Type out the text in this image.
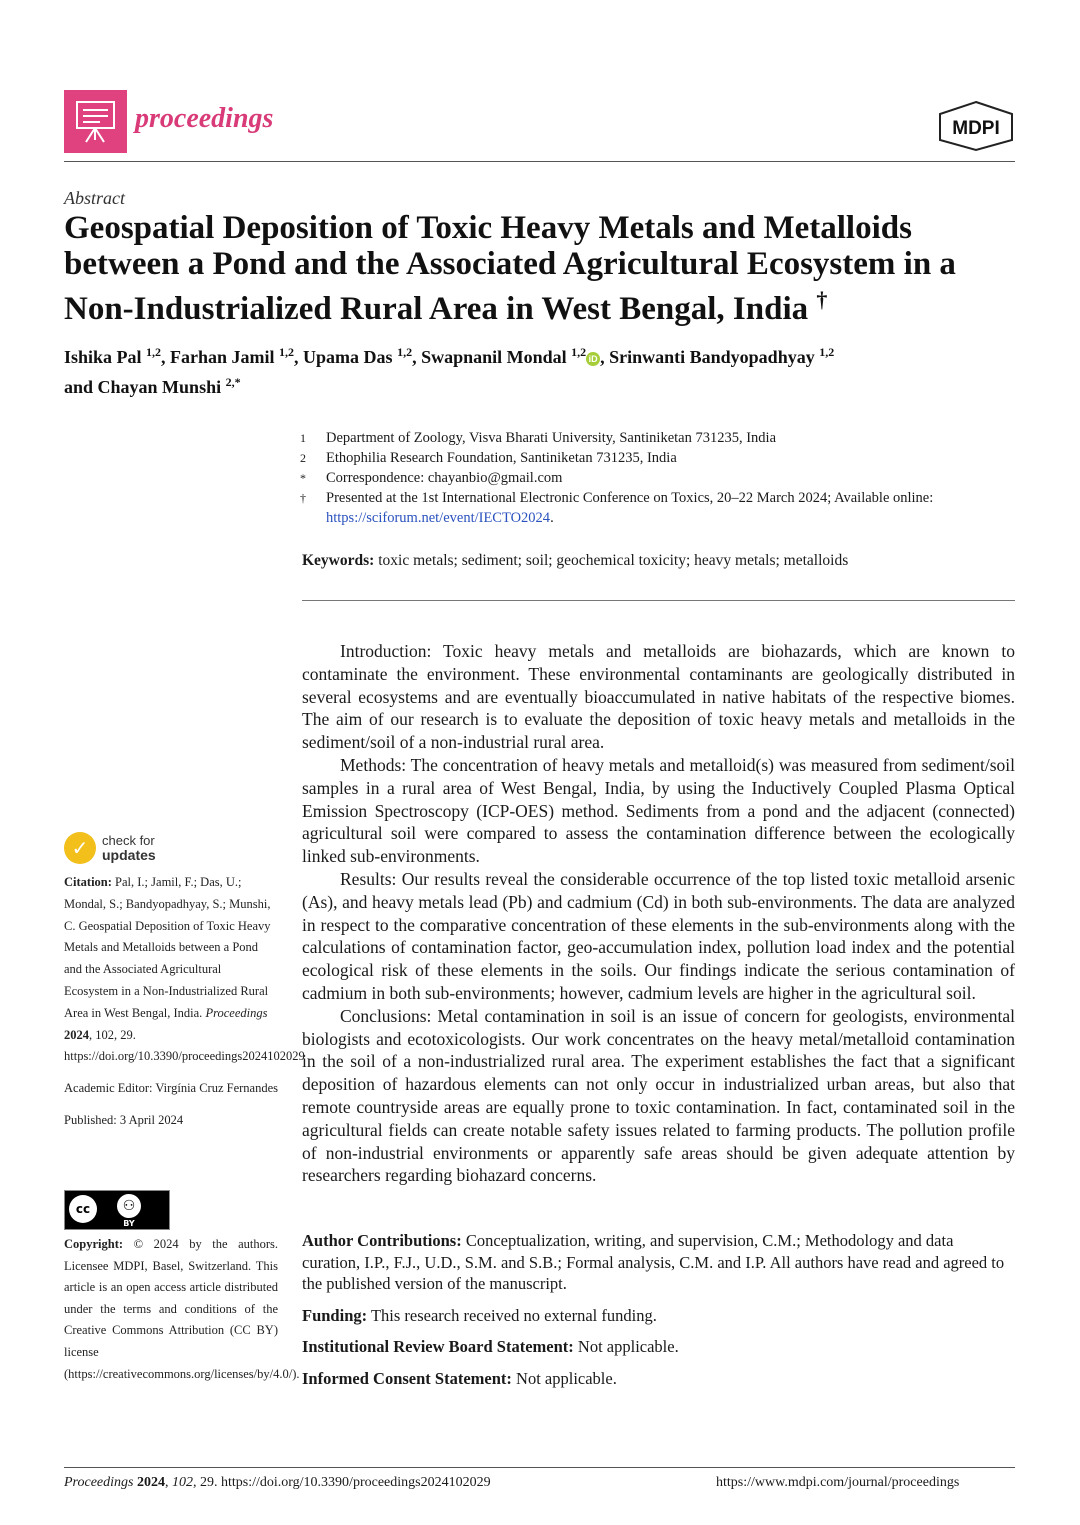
proceedings	MDPI
Abstract
Geospatial Deposition of Toxic Heavy Metals and Metalloids between a Pond and the Associated Agricultural Ecosystem in a Non-Industrialized Rural Area in West Bengal, India †
Ishika Pal $^{1,2}$, Farhan Jamil $^{1,2}$, Upama Das $^{1,2}$, Swapnanil Mondal $^{1,2}$ iD , Srinwanti Bandyopadhyay $^{1,2}$
and Chayan Munshi $^{2,*}$
1	Department of Zoology, Visva Bharati University, Santiniketan 731235, India
2	Ethophilia Research Foundation, Santiniketan 731235, India
*	Correspondence: chayanbio@gmail.com
†	Presented at the 1st International Electronic Conference on Toxics, 20–22 March 2024; Available online:
https://sciforum.net/event/IECTO2024.
Keywords: toxic metals; sediment; soil; geochemical toxicity; heavy metals; metalloids

Introduction: Toxic heavy metals and metalloids are biohazards, which are known to contaminate the environment. These environmental contaminants are geologically distributed in several ecosystems and are eventually bioaccumulated in native habitats of the respective biomes. The aim of our research is to evaluate the deposition of toxic heavy metals and metalloids in the sediment/soil of a non-industrial rural area.

Methods: The concentration of heavy metals and metalloid(s) was measured from sediment/soil samples in a rural area of West Bengal, India, by using the Inductively Coupled Plasma Optical Emission Spectroscopy (ICP-OES) method. Sediments from a pond and the adjacent (connected) agricultural soil were compared to assess the contamination difference between the ecologically linked sub-environments.

Results: Our results reveal the considerable occurrence of the top listed toxic metalloid arsenic (As), and heavy metals lead (Pb) and cadmium (Cd) in both sub-environments. The data are analyzed in respect to the comparative concentration of these elements in the sub-environments along with the calculations of contamination factor, geo-accumulation index, pollution load index and the potential ecological risk of these elements in the soils. Our findings indicate the serious contamination of cadmium in both sub-environments; however, cadmium levels are higher in the agricultural soil.

Conclusions: Metal contamination in soil is an issue of concern for geologists, environmental biologists and ecotoxicologists. Our work concentrates on the heavy metal/metalloid contamination in the soil of a non-industrialized rural area. The experiment establishes the fact that a significant deposition of hazardous elements can not only occur in industrialized urban areas, but also that remote countryside areas are equally prone to toxic contamination. In fact, contaminated soil in the agricultural fields can create notable safety issues related to farming products. The pollution profile of non-industrial environments or apparently safe areas should be given adequate attention by researchers regarding biohazard concerns.

Author Contributions: Conceptualization, writing, and supervision, C.M.; Methodology and data curation, I.P., F.J., U.D., S.M. and S.B.; Formal analysis, C.M. and I.P. All authors have read and agreed to the published version of the manuscript.

Funding: This research received no external funding.

Institutional Review Board Statement: Not applicable.

Informed Consent Statement: Not applicable.

✓	check for
updates

Citation: Pal, I.; Jamil, F.; Das, U.; Mondal, S.; Bandyopadhyay, S.; Munshi, C. Geospatial Deposition of Toxic Heavy Metals and Metalloids between a Pond and the Associated Agricultural Ecosystem in a Non-Industrialized Rural Area in West Bengal, India. Proceedings 2024, 102, 29. https://doi.org/10.3390/proceedings2024102029

Academic Editor: Virgínia Cruz Fernandes

Published: 3 April 2024

cc	⚇
BY
Copyright: © 2024 by the authors. Licensee MDPI, Basel, Switzerland. This article is an open access article distributed under the terms and conditions of the Creative Commons Attribution (CC BY) license (https://creativecommons.org/licenses/by/4.0/).
Proceedings 2024, 102, 29. https://doi.org/10.3390/proceedings2024102029	https://www.mdpi.com/journal/proceedings
